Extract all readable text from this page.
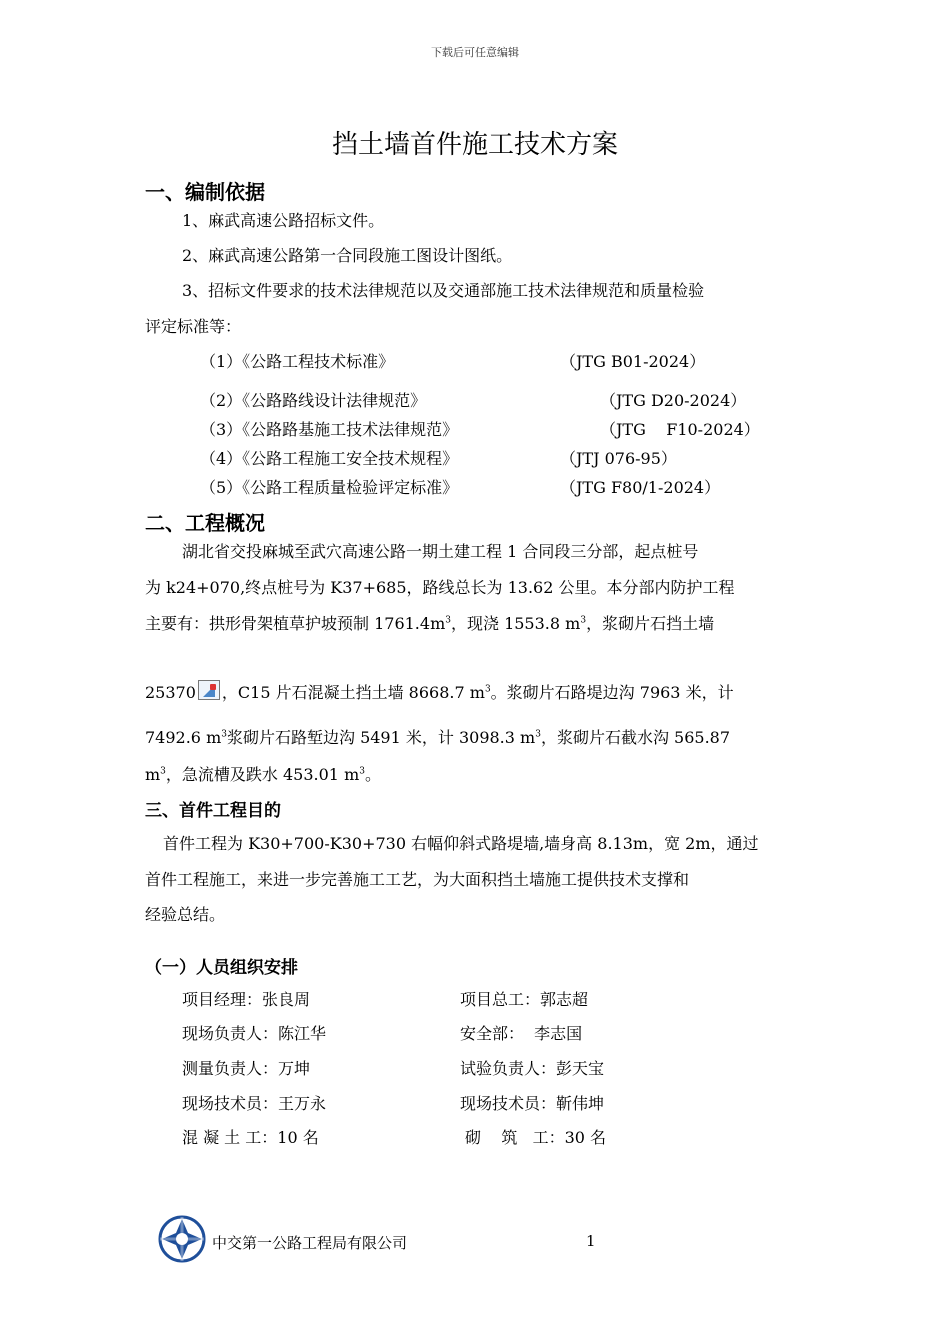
下载后可任意编辑
挡土墙首件施工技术方案
一、编制依据
1、麻武高速公路招标文件。
2、麻武高速公路第一合同段施工图设计图纸。
3、招标文件要求的技术法律规范以及交通部施工技术法律规范和质量检验
评定标准等：
（1）《公路工程技术标准》	（JTG B01-2024）
（2）《公路路线设计法律规范》	（JTG D20-2024）
（3）《公路路基施工技术法律规范》	（JTG    F10-2024）
（4）《公路工程施工安全技术规程》	（JTJ 076-95）
（5）《公路工程质量检验评定标准》	（JTG F80/1-2024）
二、工程概况
湖北省交投麻城至武穴高速公路一期土建工程 1 合同段三分部，起点桩号
为 k24+070,终点桩号为 K37+685，路线总长为 13.62 公里。本分部内防护工程
主要有：拱形骨架植草护坡预制 $1761.4m^3$，现浇 1553.8 $m^3$，浆砌片石挡土墙
25370 ，C15 片石混凝土挡土墙 8668.7 $m^3$。浆砌片石路堤边沟 7963 米，计
7492.6 $m^3$浆砌片石路堑边沟 5491 米，计 3098.3 $m^3$，浆砌片石截水沟 565.87
$m^3$，急流槽及跌水 453.01 $m^3$。
三、首件工程目的
首件工程为 K30+700-K30+730 右幅仰斜式路堤墙,墙身高 8.13m，宽 2m，通过
首件工程施工，来进一步完善施工工艺，为大面积挡土墙施工提供技术支撑和
经验总结。
（一）人员组织安排
项目经理：张良周	项目总工：郭志超
现场负责人：陈江华	安全部：  李志国
测量负责人：万坤	试验负责人：彭天宝
现场技术员：王万永	现场技术员：靳伟坤
混 凝 土 工：10 名	砌    筑   工：30 名
中交第一公路工程局有限公司	1
